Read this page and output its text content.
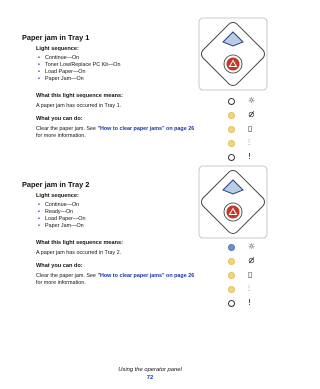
Paper jam in Tray 1
Light sequence:
• Continue—On
• Toner Low/Replace PC Kit—On
• Load Paper—On
• Paper Jam—On
What this light sequence means:
A paper jam has occurred in Tray 1.
What you can do:
Clear the paper jam. See "How to clear paper jams" on page 26
for more information.
☼
⊘̸
▯
⫶
!
Paper jam in Tray 2
Light sequence:
• Continue—On
• Ready—On
• Load Paper—On
• Paper Jam—On
What this light sequence means:
A paper jam has occurred in Tray 2.
What you can do:
Clear the paper jam. See "How to clear paper jams" on page 26
for more information.
☼
⊘̸
▯
⫶
!
Using the operator panel
72
